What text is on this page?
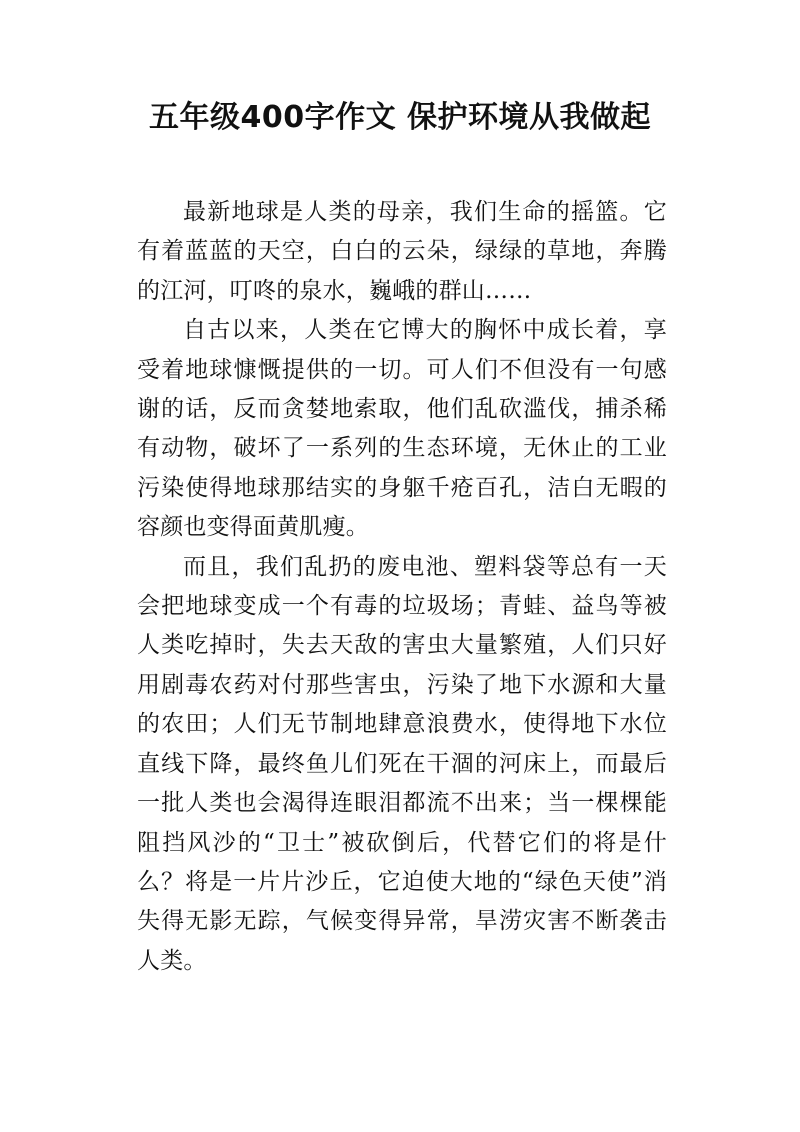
五年级400字作文 保护环境从我做起

最新地球是人类的母亲，我们生命的摇篮。它有着蓝蓝的天空，白白的云朵，绿绿的草地，奔腾的江河，叮咚的泉水，巍峨的群山……

自古以来，人类在它博大的胸怀中成长着，享受着地球慷慨提供的一切。可人们不但没有一句感谢的话，反而贪婪地索取，他们乱砍滥伐，捕杀稀有动物，破坏了一系列的生态环境，无休止的工业污染使得地球那结实的身躯千疮百孔，洁白无暇的容颜也变得面黄肌瘦。

而且，我们乱扔的废电池、塑料袋等总有一天会把地球变成一个有毒的垃圾场；青蛙、益鸟等被人类吃掉时，失去天敌的害虫大量繁殖，人们只好用剧毒农药对付那些害虫，污染了地下水源和大量的农田；人们无节制地肆意浪费水，使得地下水位直线下降，最终鱼儿们死在干涸的河床上，而最后一批人类也会渴得连眼泪都流不出来；当一棵棵能阻挡风沙的“卫士”被砍倒后，代替它们的将是什么？将是一片片沙丘，它迫使大地的“绿色天使”消失得无影无踪，气候变得异常，旱涝灾害不断袭击人类。
